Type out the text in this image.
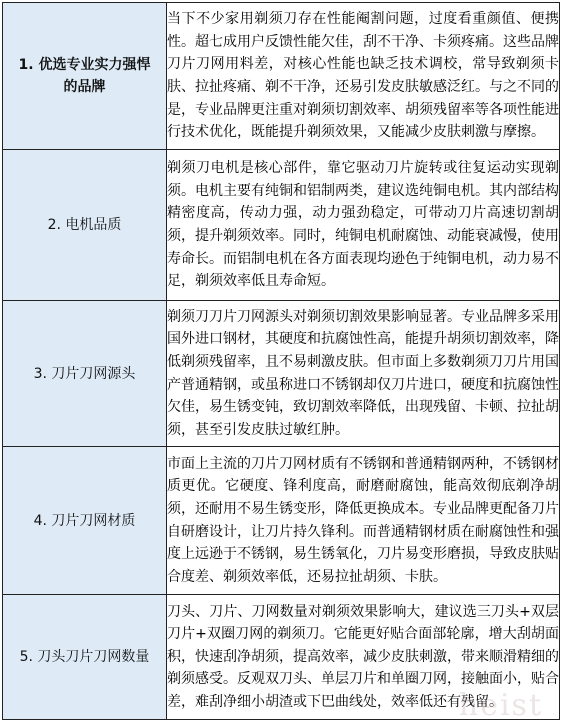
1. 优选专业实力强悍的品牌	当下不少家用剃须刀存在性能阉割问题，过度看重颜值、便携性。超七成用户反馈性能欠佳，刮不干净、卡须疼痛。这些品牌刀片刀网用料差，对核心性能也缺乏技术调校，常导致剃须卡肤、拉扯疼痛、剃不干净，还易引发皮肤敏感泛红。与之不同的是，专业品牌更注重对剃须切割效率、胡须残留率等各项性能进行技术优化，既能提升剃须效果，又能减少皮肤刺激与摩擦。
2. 电机品质	剃须刀电机是核心部件，靠它驱动刀片旋转或往复运动实现剃须。电机主要有纯铜和铝制两类，建议选纯铜电机。其内部结构精密度高，传动力强，动力强劲稳定，可带动刀片高速切割胡须，提升剃须效率。同时，纯铜电机耐腐蚀、动能衰减慢，使用寿命长。而铝制电机在各方面表现均逊色于纯铜电机，动力易不足，剃须效率低且寿命短。
3. 刀片刀网源头	剃须刀刀片刀网源头对剃须切割效果影响显著。专业品牌多采用国外进口钢材，其硬度和抗腐蚀性高，能提升胡须切割效率，降低剃须残留率，且不易刺激皮肤。但市面上多数剃须刀刀片用国产普通精钢，或虽称进口不锈钢却仅刀片进口，硬度和抗腐蚀性欠佳，易生锈变钝，致切割效率降低，出现残留、卡顿、拉扯胡须，甚至引发皮肤过敏红肿。
4. 刀片刀网材质	市面上主流的刀片刀网材质有不锈钢和普通精钢两种，不锈钢材质更优。它硬度、锋利度高，耐磨耐腐蚀，能高效彻底剃净胡须，还耐用不易生锈变形，降低更换成本。专业品牌更配备刀片自研磨设计，让刀片持久锋利。而普通精钢材质在耐腐蚀性和强度上远逊于不锈钢，易生锈氧化，刀片易变形磨损，导致皮肤贴合度差、剃须效率低，还易拉扯胡须、卡肤。
5. 刀头刀片刀网数量	刀头、刀片、刀网数量对剃须效果影响大，建议选三刀头+双层刀片+双圈刀网的剃须刀。它能更好贴合面部轮廓，增大刮胡面积，快速刮净胡须，提高效率，减少皮肤刺激，带来顺滑精细的剃须感受。反观双刀头、单层刀片和单圈刀网，接触面小，贴合差，难刮净细小胡渣或下巴曲线处，效率低还有残留。
heist
